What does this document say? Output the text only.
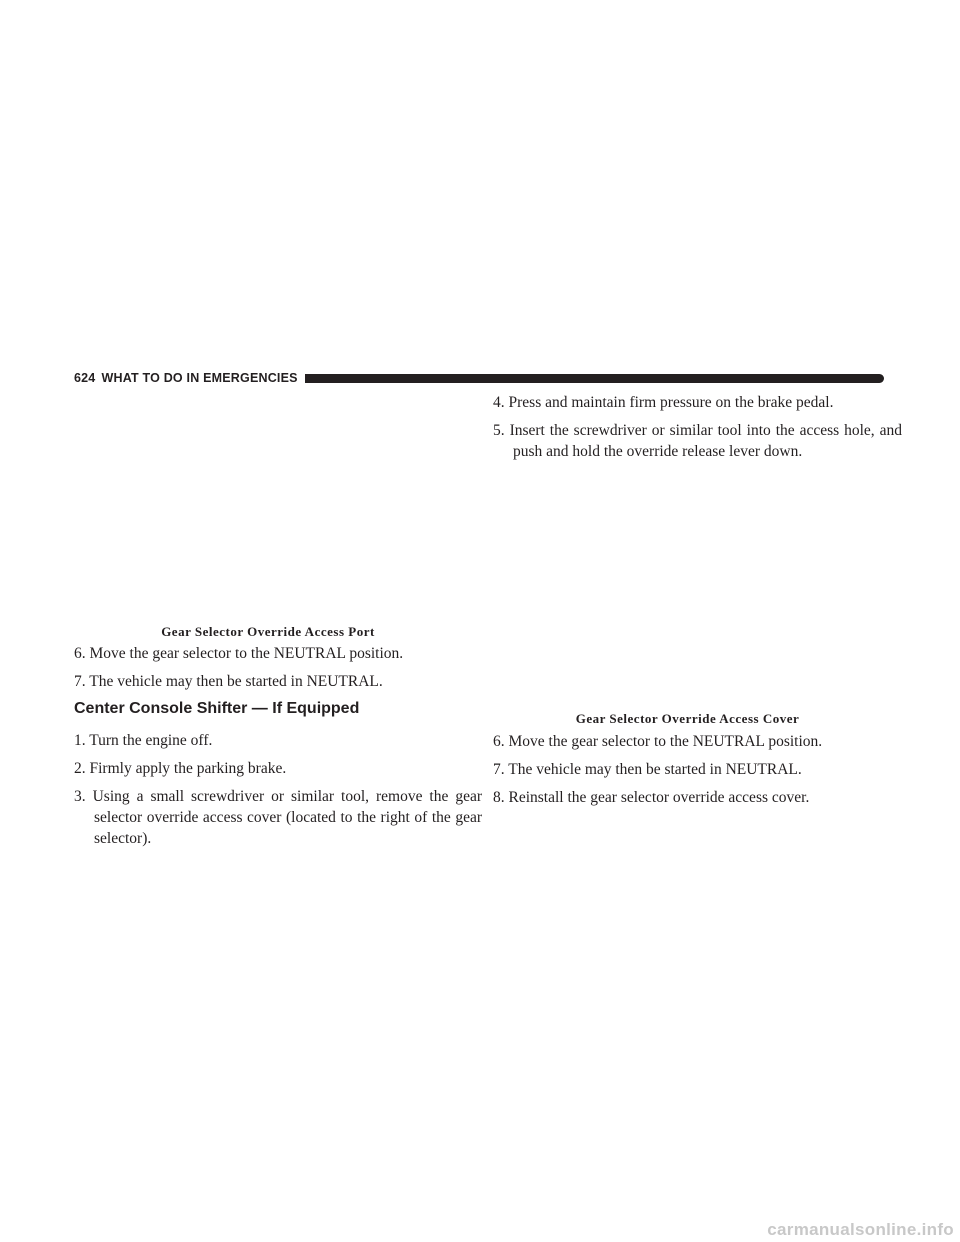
624 WHAT TO DO IN EMERGENCIES
Gear Selector Override Access Port
6. Move the gear selector to the NEUTRAL position.
7. The vehicle may then be started in NEUTRAL.
Center Console Shifter — If Equipped
1. Turn the engine off.
2. Firmly apply the parking brake.
3. Using a small screwdriver or similar tool, remove the gear selector override access cover (located to the right of the gear selector).
4. Press and maintain firm pressure on the brake pedal.
5. Insert the screwdriver or similar tool into the access hole, and push and hold the override release lever down.
Gear Selector Override Access Cover
6. Move the gear selector to the NEUTRAL position.
7. The vehicle may then be started in NEUTRAL.
8. Reinstall the gear selector override access cover.
carmanualsonline.info
